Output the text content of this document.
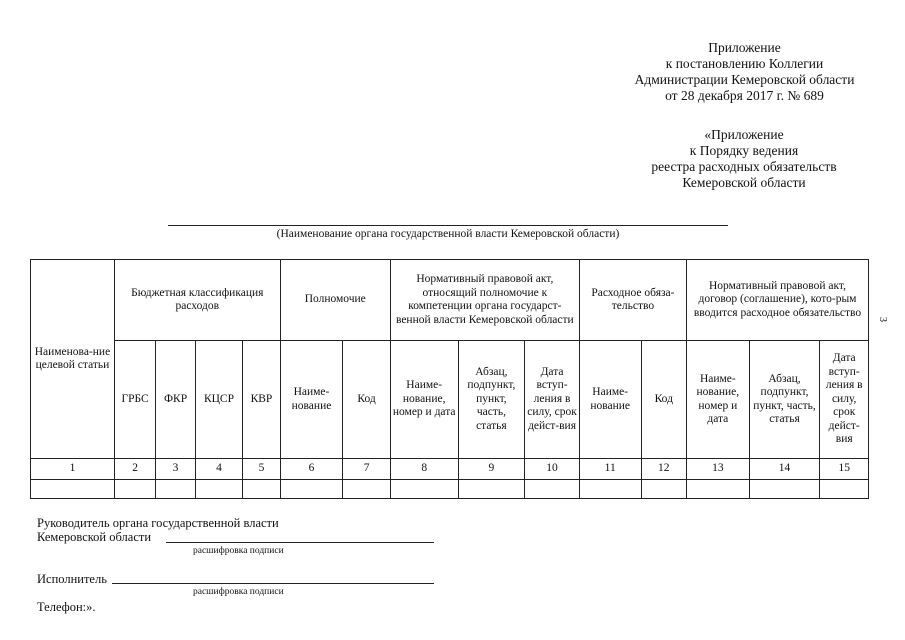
Приложение
к постановлению Коллегии
Администрации Кемеровской области
от 28 декабря 2017 г. № 689
«Приложение
к Порядку ведения
реестра расходных обязательств
Кемеровской области
(Наименование органа государственной власти Кемеровской области)
Наименова-ние целевой статьи	Бюджетная классификация расходов				Полномочие		Нормативный правовой акт, относящий полномочие к компетенции органа государст-венной власти Кемеровской области			Расходное обяза-тельство		Нормативный правовой акт, договор (соглашение), кото-рым вводится расходное обязательство		
	ГРБС	ФКР	КЦСР	КВР	Наиме-нование	Код	Наиме-нование, номер и дата	Абзац, подпункт, пункт, часть, статья	Дата вступ-ления в силу, срок дейст-вия	Наиме-нование	Код	Наиме-нование, номер и дата	Абзац, подпункт, пункт, часть, статья	Дата вступ-ления в силу, срок дейст-вия
1	2	3	4	5	6	7	8	9	10	11	12	13	14	15

3
Руководитель органа государственной власти
Кемеровской области
расшифровка подписи
Исполнитель
расшифровка подписи
Телефон:».
